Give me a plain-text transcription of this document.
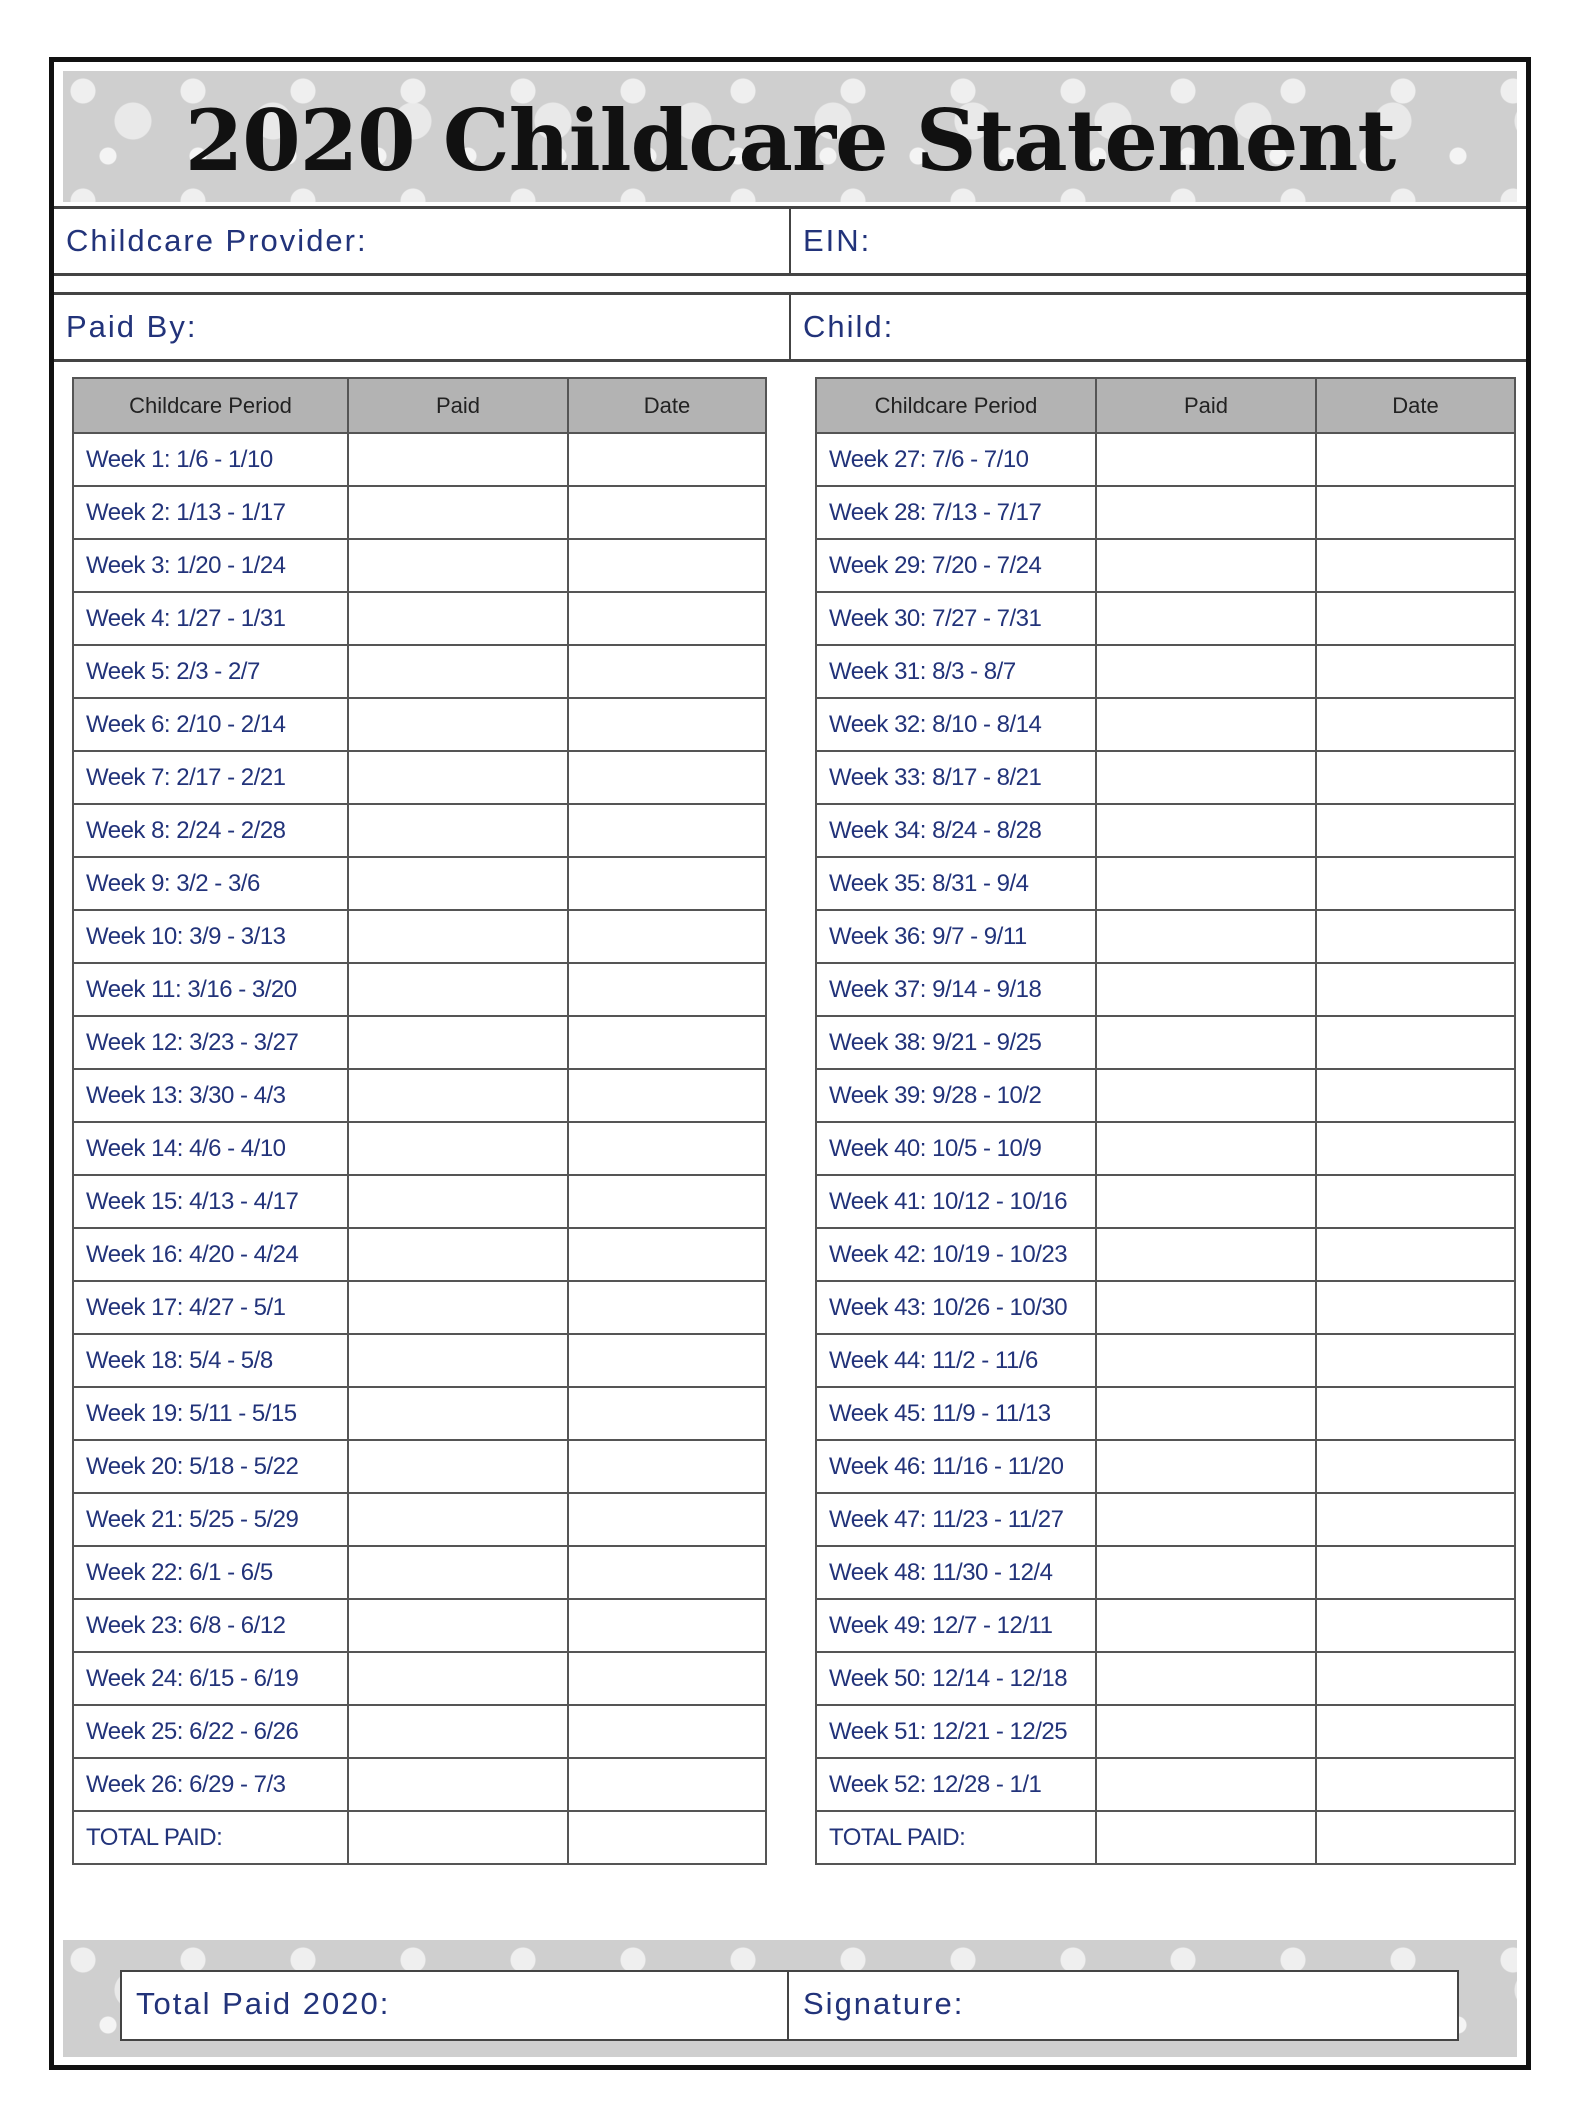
2020 Childcare Statement
Childcare Provider:	EIN:
Paid By:	Child:
Childcare Period	Paid	Date
Week 1: 1/6 - 1/10		
Week 2: 1/13 - 1/17		
Week 3: 1/20 - 1/24		
Week 4: 1/27 - 1/31		
Week 5: 2/3 - 2/7		
Week 6: 2/10 - 2/14		
Week 7: 2/17 - 2/21		
Week 8: 2/24 - 2/28		
Week 9: 3/2 - 3/6		
Week 10: 3/9 - 3/13		
Week 11: 3/16 - 3/20		
Week 12: 3/23 - 3/27		
Week 13: 3/30 - 4/3		
Week 14: 4/6 - 4/10		
Week 15: 4/13 - 4/17		
Week 16: 4/20 - 4/24		
Week 17: 4/27 - 5/1		
Week 18: 5/4 - 5/8		
Week 19: 5/11 - 5/15		
Week 20: 5/18 - 5/22		
Week 21: 5/25 - 5/29		
Week 22: 6/1 - 6/5		
Week 23: 6/8 - 6/12		
Week 24: 6/15 - 6/19		
Week 25: 6/22 - 6/26		
Week 26: 6/29 - 7/3		
TOTAL PAID:		
Childcare Period	Paid	Date
Week 27: 7/6 - 7/10		
Week 28: 7/13 - 7/17		
Week 29: 7/20 - 7/24		
Week 30: 7/27 - 7/31		
Week 31: 8/3 - 8/7		
Week 32: 8/10 - 8/14		
Week 33: 8/17 - 8/21		
Week 34: 8/24 - 8/28		
Week 35: 8/31 - 9/4		
Week 36: 9/7 - 9/11		
Week 37: 9/14 - 9/18		
Week 38: 9/21 - 9/25		
Week 39: 9/28 - 10/2		
Week 40: 10/5 - 10/9		
Week 41: 10/12 - 10/16		
Week 42: 10/19 - 10/23		
Week 43: 10/26 - 10/30		
Week 44: 11/2 - 11/6		
Week 45: 11/9 - 11/13		
Week 46: 11/16 - 11/20		
Week 47: 11/23 - 11/27		
Week 48: 11/30 - 12/4		
Week 49: 12/7 - 12/11		
Week 50: 12/14 - 12/18		
Week 51: 12/21 - 12/25		
Week 52: 12/28 - 1/1		
TOTAL PAID:		
Total Paid 2020:	Signature:
